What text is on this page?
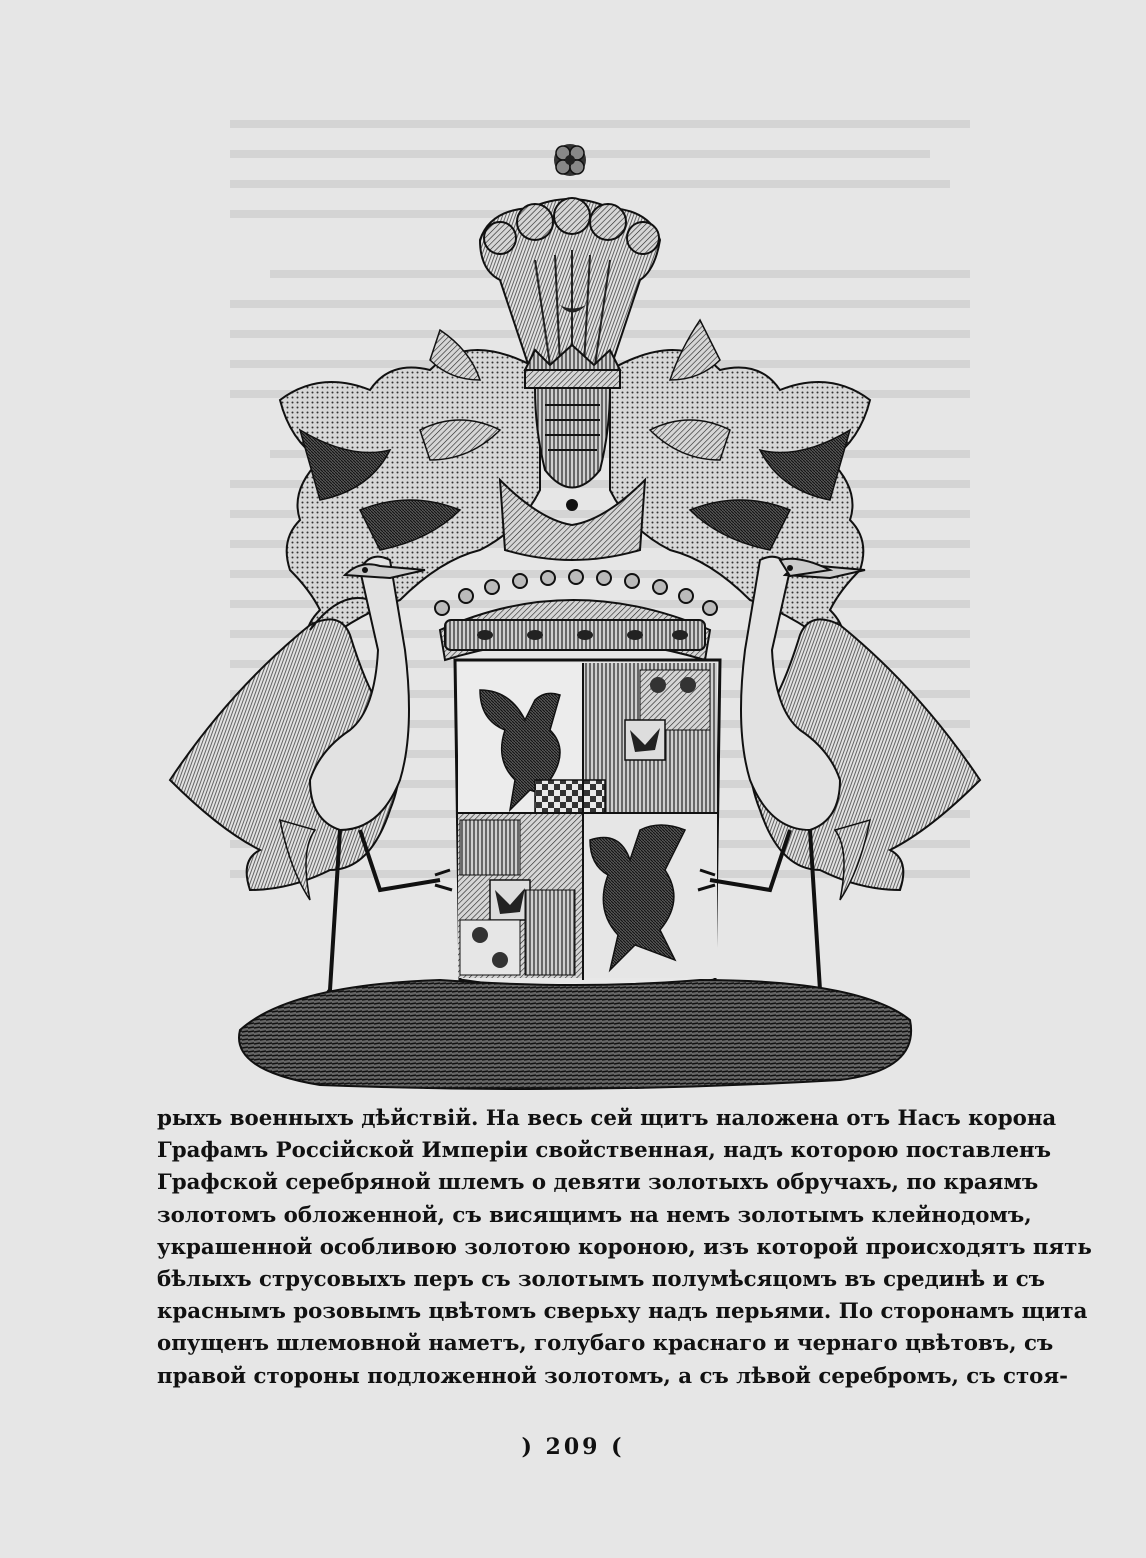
рыхъ военныхъ дѣйствій. На весь сей щитъ наложена отъ Насъ корона
Графамъ Россійской Имперіи свойственная, надъ которою поставленъ
Графской серебряной шлемъ о девяти золотыхъ обручахъ, по краямъ
золотомъ обложенной, съ висящимъ на немъ золотымъ клейнодомъ,
украшенной особливою золотою короною, изъ которой происходятъ пять
бѣлыхъ струсовыхъ перъ съ золотымъ полумѣсяцомъ въ срединѣ и съ
краснымъ розовымъ цвѣтомъ сверьху надъ перьями. По сторонамъ щита
опущенъ шлемовной наметъ, голубаго краснаго и чернаго цвѣтовъ, съ
правой стороны подложенной золотомъ, а съ лѣвой серебромъ, съ стоя-
) 209 (
